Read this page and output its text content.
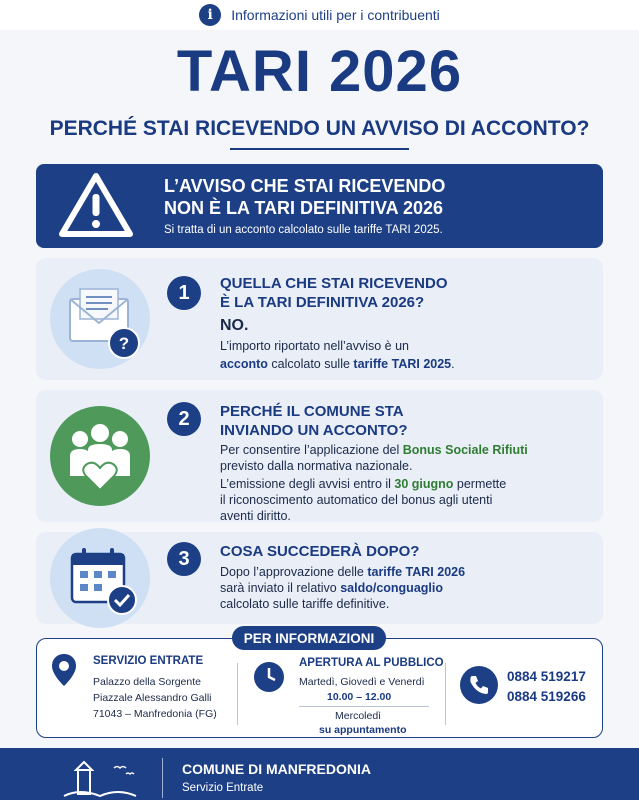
i	Informazioni utili per i contribuenti
TARI 2026
PERCHÉ STAI RICEVENDO UN AVVISO DI ACCONTO?
L’AVVISO CHE STAI RICEVENDO
NON È LA TARI DEFINITIVA 2026
Si tratta di un acconto calcolato sulle tariffe TARI 2025.
?
1	QUELLA CHE STAI RICEVENDO
È LA TARI DEFINITIVA 2026?
NO.
L’importo riportato nell’avviso è un
acconto calcolato sulle tariffe TARI 2025.
2	PERCHÉ IL COMUNE STA
INVIANDO UN ACCONTO?
Per consentire l’applicazione del Bonus Sociale Rifiuti
previsto dalla normativa nazionale.
L’emissione degli avvisi entro il 30 giugno permette
il riconoscimento automatico del bonus agli utenti
aventi diritto.
3	COSA SUCCEDERÀ DOPO?
Dopo l’approvazione delle tariffe TARI 2026
sarà inviato il relativo saldo/conguaglio
calcolato sulle tariffe definitive.
SERVIZIO ENTRATE
Palazzo della Sorgente
Piazzale Alessandro Galli
71043 – Manfredonia (FG)
APERTURA AL PUBBLICO
Martedì, Giovedì e Venerdì
10.00 – 12.00
Mercoledì
su appuntamento
0884 519217
0884 519266
PER INFORMAZIONI
COMUNE DI MANFREDONIA
Servizio Entrate
